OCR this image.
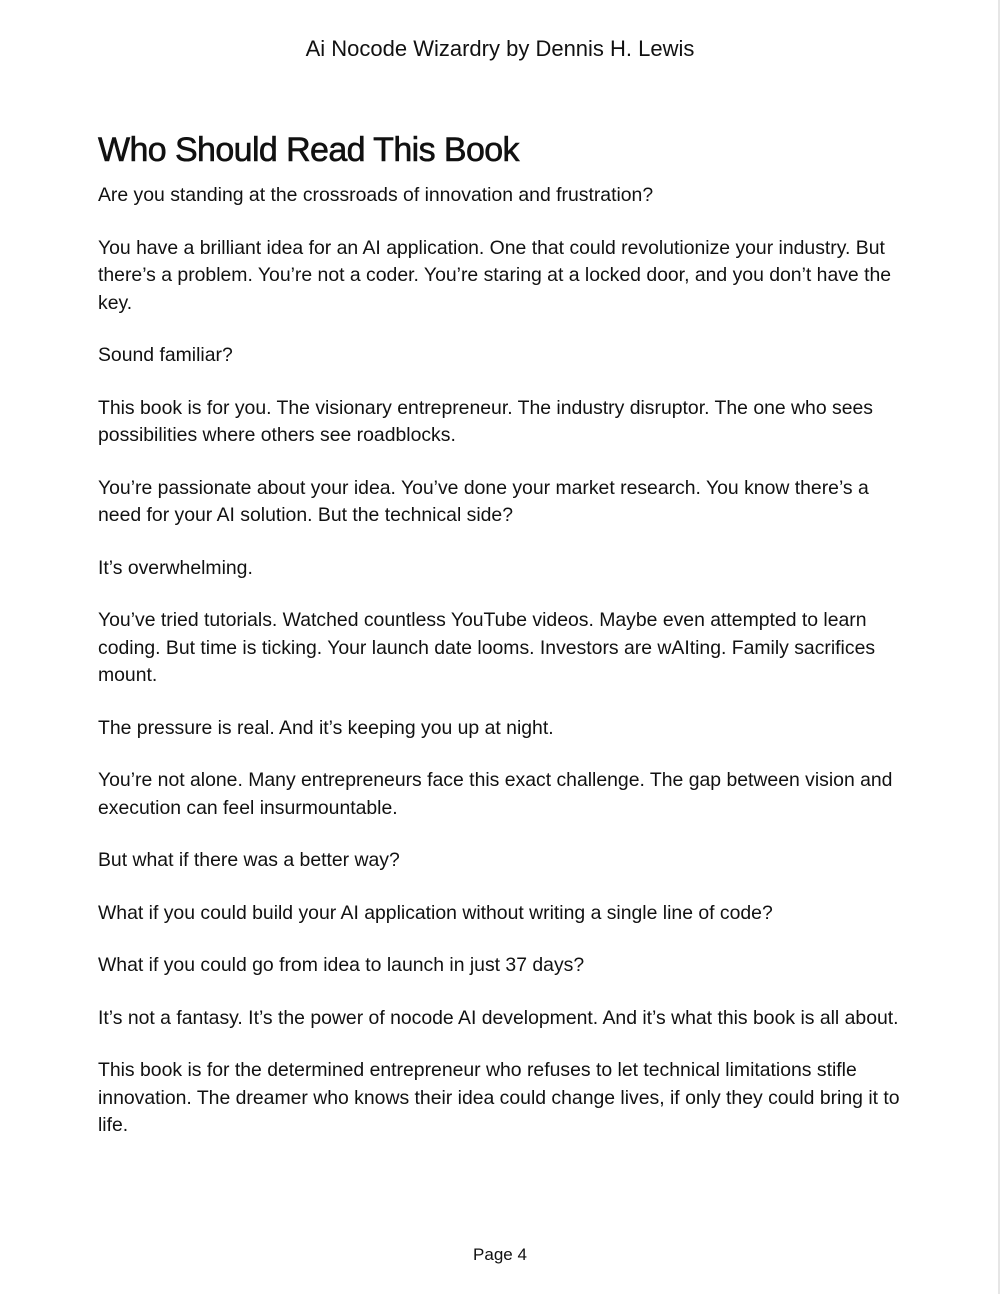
Ai Nocode Wizardry by Dennis H. Lewis
Who Should Read This Book

Are you standing at the crossroads of innovation and frustration?

You have a brilliant idea for an AI application. One that could revolutionize your industry. But there’s a problem. You’re not a coder. You’re staring at a locked door, and you don’t have the key.

Sound familiar?

This book is for you. The visionary entrepreneur. The industry disruptor. The one who sees possibilities where others see roadblocks.

You’re passionate about your idea. You’ve done your market research. You know there’s a need for your AI solution. But the technical side?

It’s overwhelming.

You’ve tried tutorials. Watched countless YouTube videos. Maybe even attempted to learn coding. But time is ticking. Your launch date looms. Investors are wAIting. Family sacrifices mount.

The pressure is real. And it’s keeping you up at night.

You’re not alone. Many entrepreneurs face this exact challenge. The gap between vision and execution can feel insurmountable.

But what if there was a better way?

What if you could build your AI application without writing a single line of code?

What if you could go from idea to launch in just 37 days?

It’s not a fantasy. It’s the power of nocode AI development. And it’s what this book is all about.

This book is for the determined entrepreneur who refuses to let technical limitations stifle innovation. The dreamer who knows their idea could change lives, if only they could bring it to life.

Page 4
